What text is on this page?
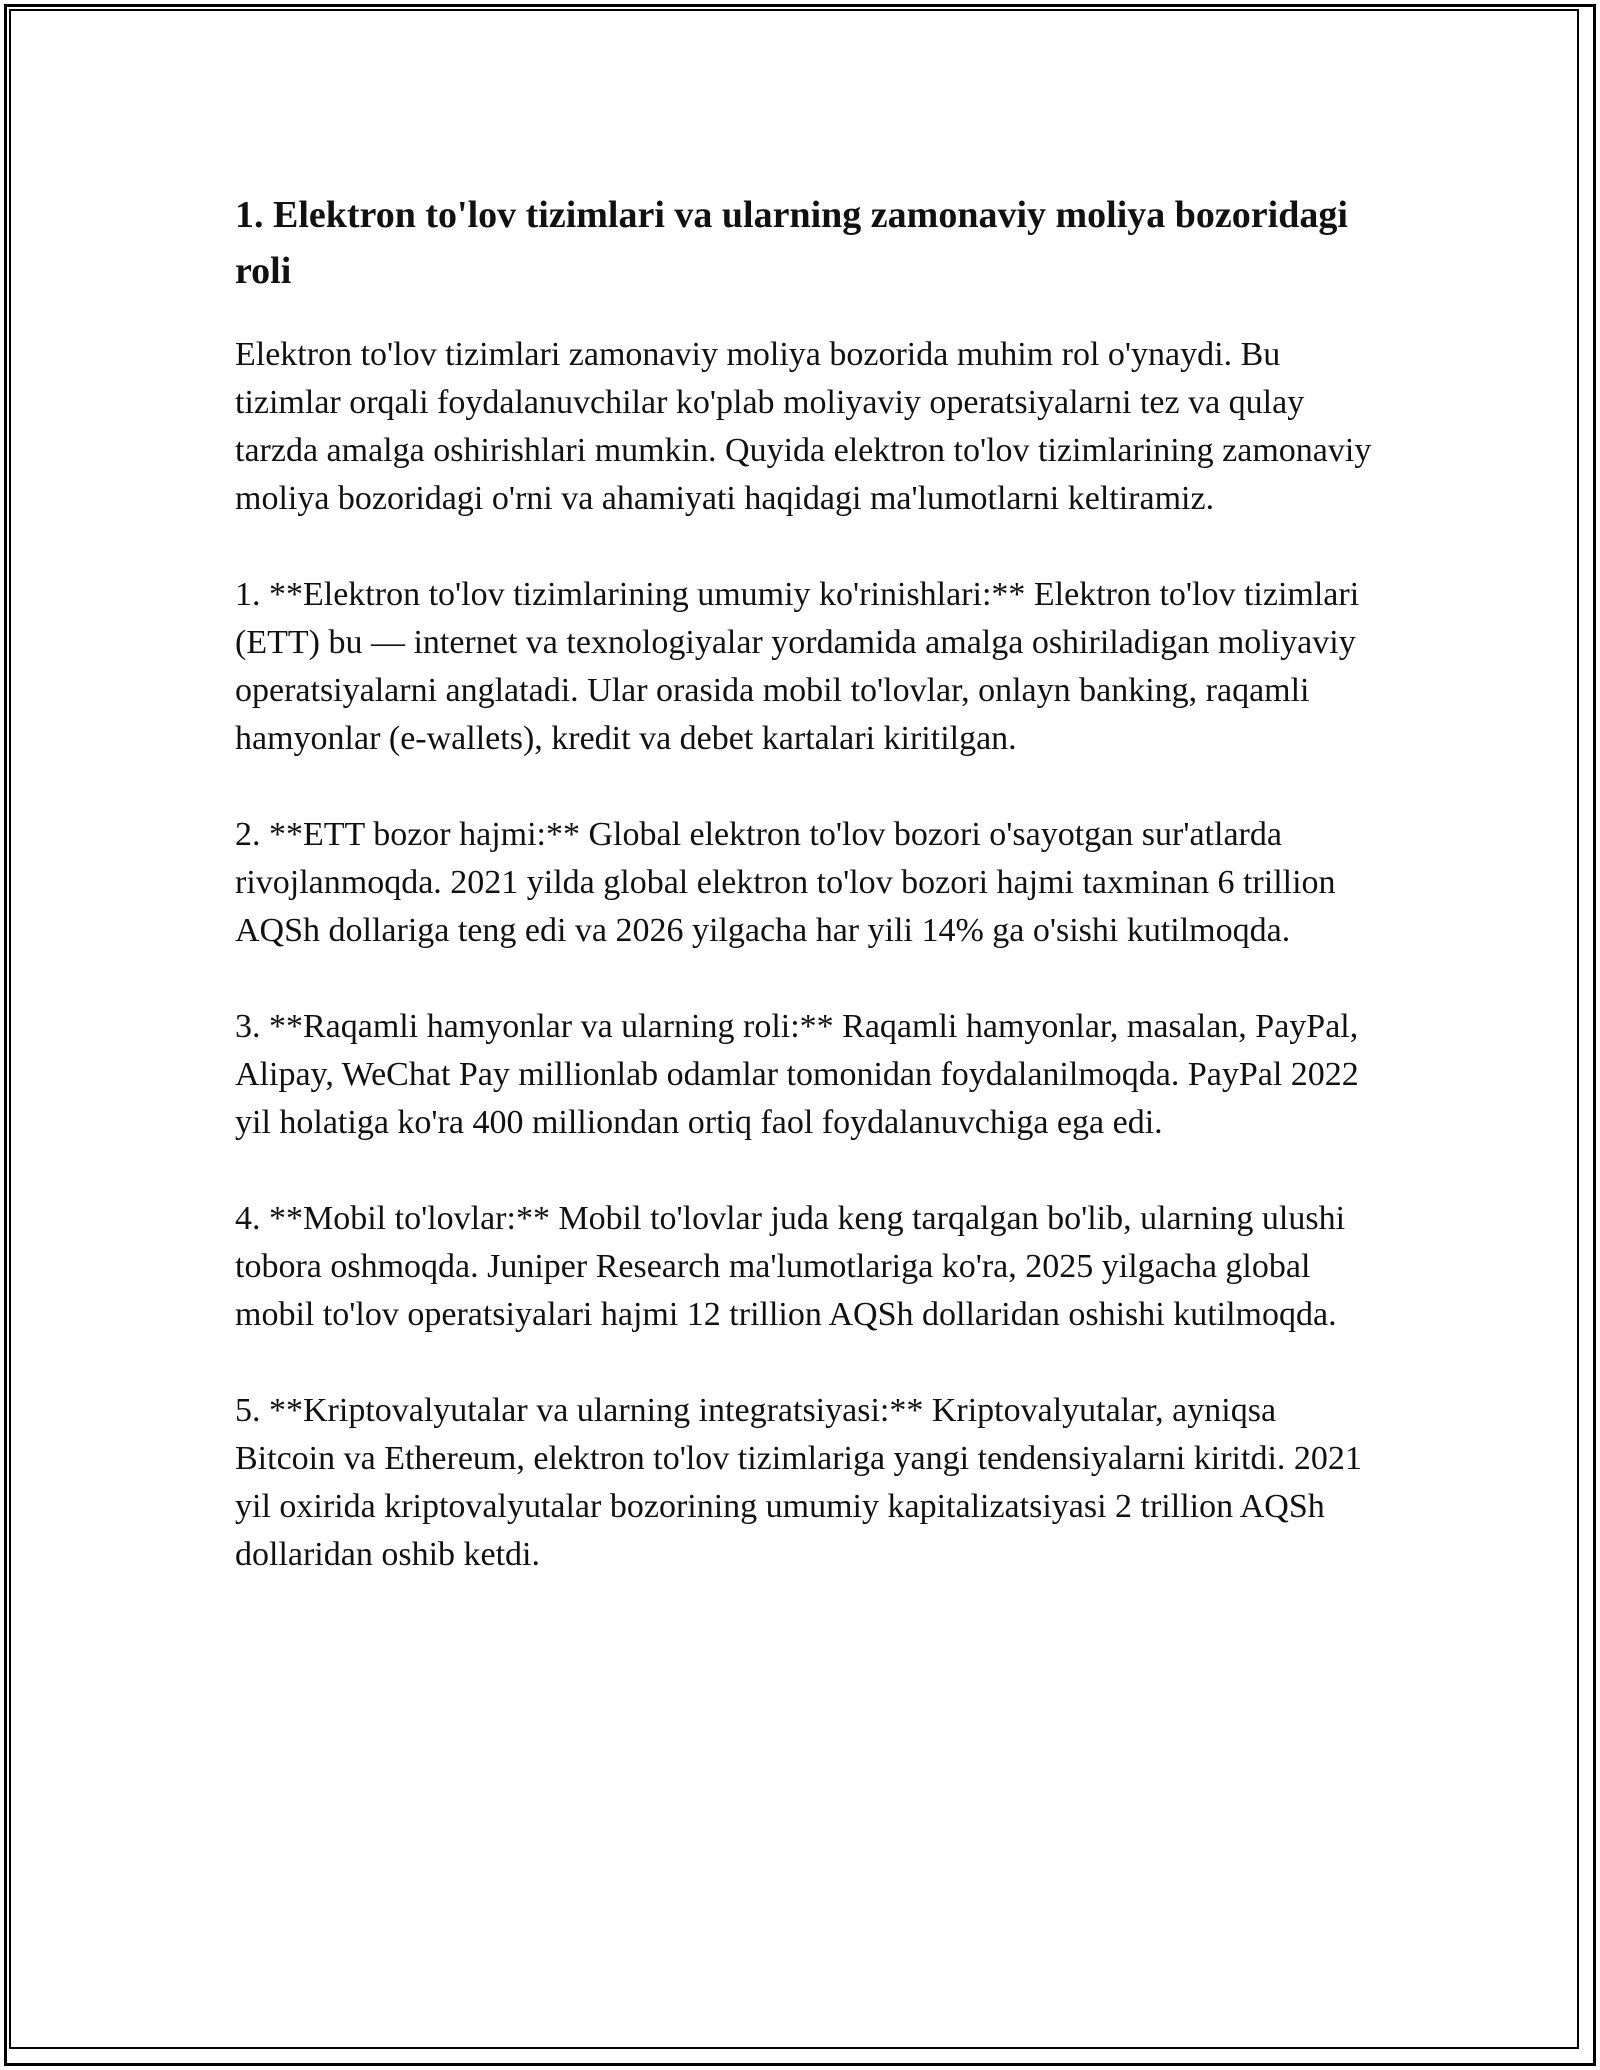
1. Elektron to'lov tizimlari va ularning zamonaviy moliya bozoridagi roli

Elektron to'lov tizimlari zamonaviy moliya bozorida muhim rol o'ynaydi. Bu tizimlar orqali foydalanuvchilar ko'plab moliyaviy operatsiyalarni tez va qulay tarzda amalga oshirishlari mumkin. Quyida elektron to'lov tizimlarining zamonaviy moliya bozoridagi o'rni va ahamiyati haqidagi ma'lumotlarni keltiramiz.

1. **Elektron to'lov tizimlarining umumiy ko'rinishlari:** Elektron to'lov tizimlari (ETT) bu — internet va texnologiyalar yordamida amalga oshiriladigan moliyaviy operatsiyalarni anglatadi. Ular orasida mobil to'lovlar, onlayn banking, raqamli hamyonlar (e-wallets), kredit va debet kartalari kiritilgan.

2. **ETT bozor hajmi:** Global elektron to'lov bozori o'sayotgan sur'atlarda rivojlanmoqda. 2021 yilda global elektron to'lov bozori hajmi taxminan 6 trillion AQSh dollariga teng edi va 2026 yilgacha har yili 14% ga o'sishi kutilmoqda.

3. **Raqamli hamyonlar va ularning roli:** Raqamli hamyonlar, masalan, PayPal, Alipay, WeChat Pay millionlab odamlar tomonidan foydalanilmoqda. PayPal 2022 yil holatiga ko'ra 400 milliondan ortiq faol foydalanuvchiga ega edi.

4. **Mobil to'lovlar:** Mobil to'lovlar juda keng tarqalgan bo'lib, ularning ulushi tobora oshmoqda. Juniper Research ma'lumotlariga ko'ra, 2025 yilgacha global mobil to'lov operatsiyalari hajmi 12 trillion AQSh dollaridan oshishi kutilmoqda.

5. **Kriptovalyutalar va ularning integratsiyasi:** Kriptovalyutalar, ayniqsa Bitcoin va Ethereum, elektron to'lov tizimlariga yangi tendensiyalarni kiritdi. 2021 yil oxirida kriptovalyutalar bozorining umumiy kapitalizatsiyasi 2 trillion AQSh dollaridan oshib ketdi.
